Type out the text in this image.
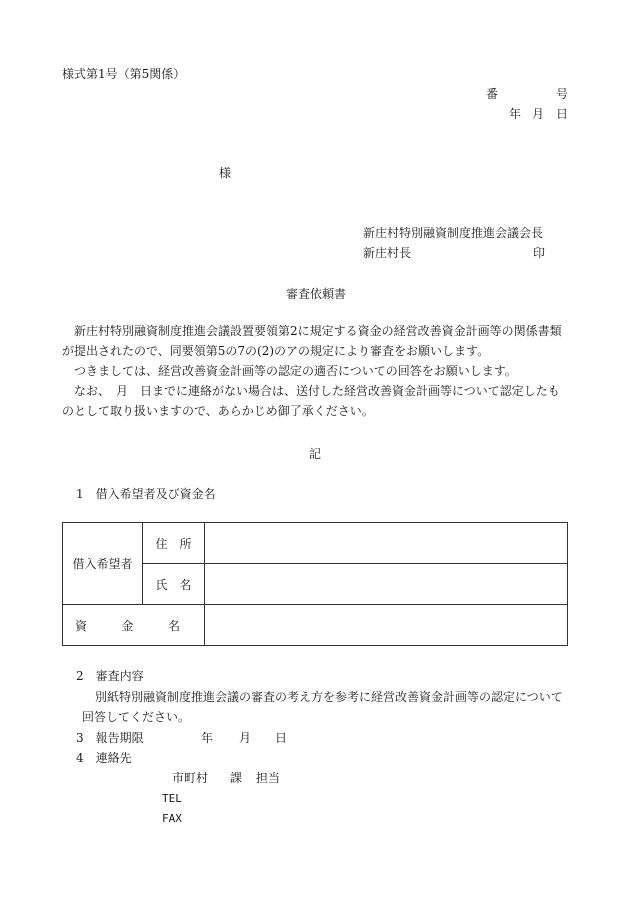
様式第1号（第5関係）
番	号
年 月 日
様
新庄村特別融資制度推進会議会長
新庄村長	印
審査依頼書

新庄村特別融資制度推進会議設置要領第2に規定する資金の経営改善資金計画等の関係書類が提出されたので、同要領第5の7の(2)のアの規定により審査をお願いします。

つきましては、経営改善資金計画等の認定の適否についての回答をお願いします。

なお、　月　日までに連絡がない場合は、送付した経営改善資金計画等について認定したものとして取り扱いますので、あらかじめ御了承ください。

記
1　借入希望者及び資金名
借入希望者	住　所	
	氏　名	

資 金 名		

2　審査内容
別紙特別融資制度推進会議の審査の考え方を参考に経営改善資金計画等の認定について
回答してください。
3　報告期限	年 月 日
4　連絡先
市町村 課 担当
TEL
FAX
